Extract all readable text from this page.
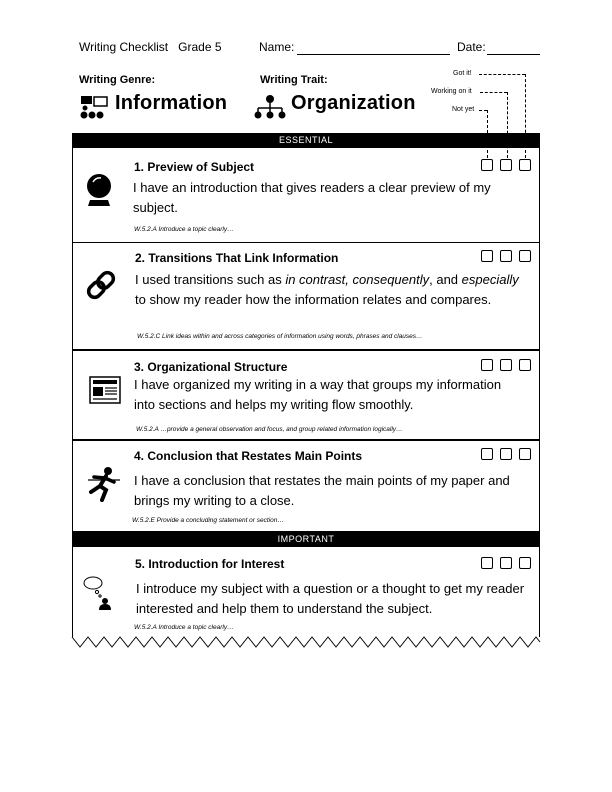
Writing Checklist Grade 5	Name:	Date:
Writing Genre:	Writing Trait:
Information	Organization
Got it!
Working on it
Not yet
ESSENTIAL
1. Preview of Subject
I have an introduction that gives readers a clear preview of my subject.
W.5.2.A Introduce a topic clearly…
2. Transitions That Link Information
I used transitions such as in contrast, consequently, and especially to show my reader how the information relates and compares.
W.5.2.C Link ideas within and across categories of information using words, phrases and clauses…
3. Organizational Structure
I have organized my writing in a way that groups my information into sections and helps my writing flow smoothly.
W.5.2.A …provide a general observation and focus, and group related information logically…
4. Conclusion that Restates Main Points
I have a conclusion that restates the main points of my paper and brings my writing to a close.
W.5.2.E Provide a concluding statement or section…
IMPORTANT
5. Introduction for Interest
I introduce my subject with a question or a thought to get my reader interested and help them to understand the subject.
W.5.2.A Introduce a topic clearly…
